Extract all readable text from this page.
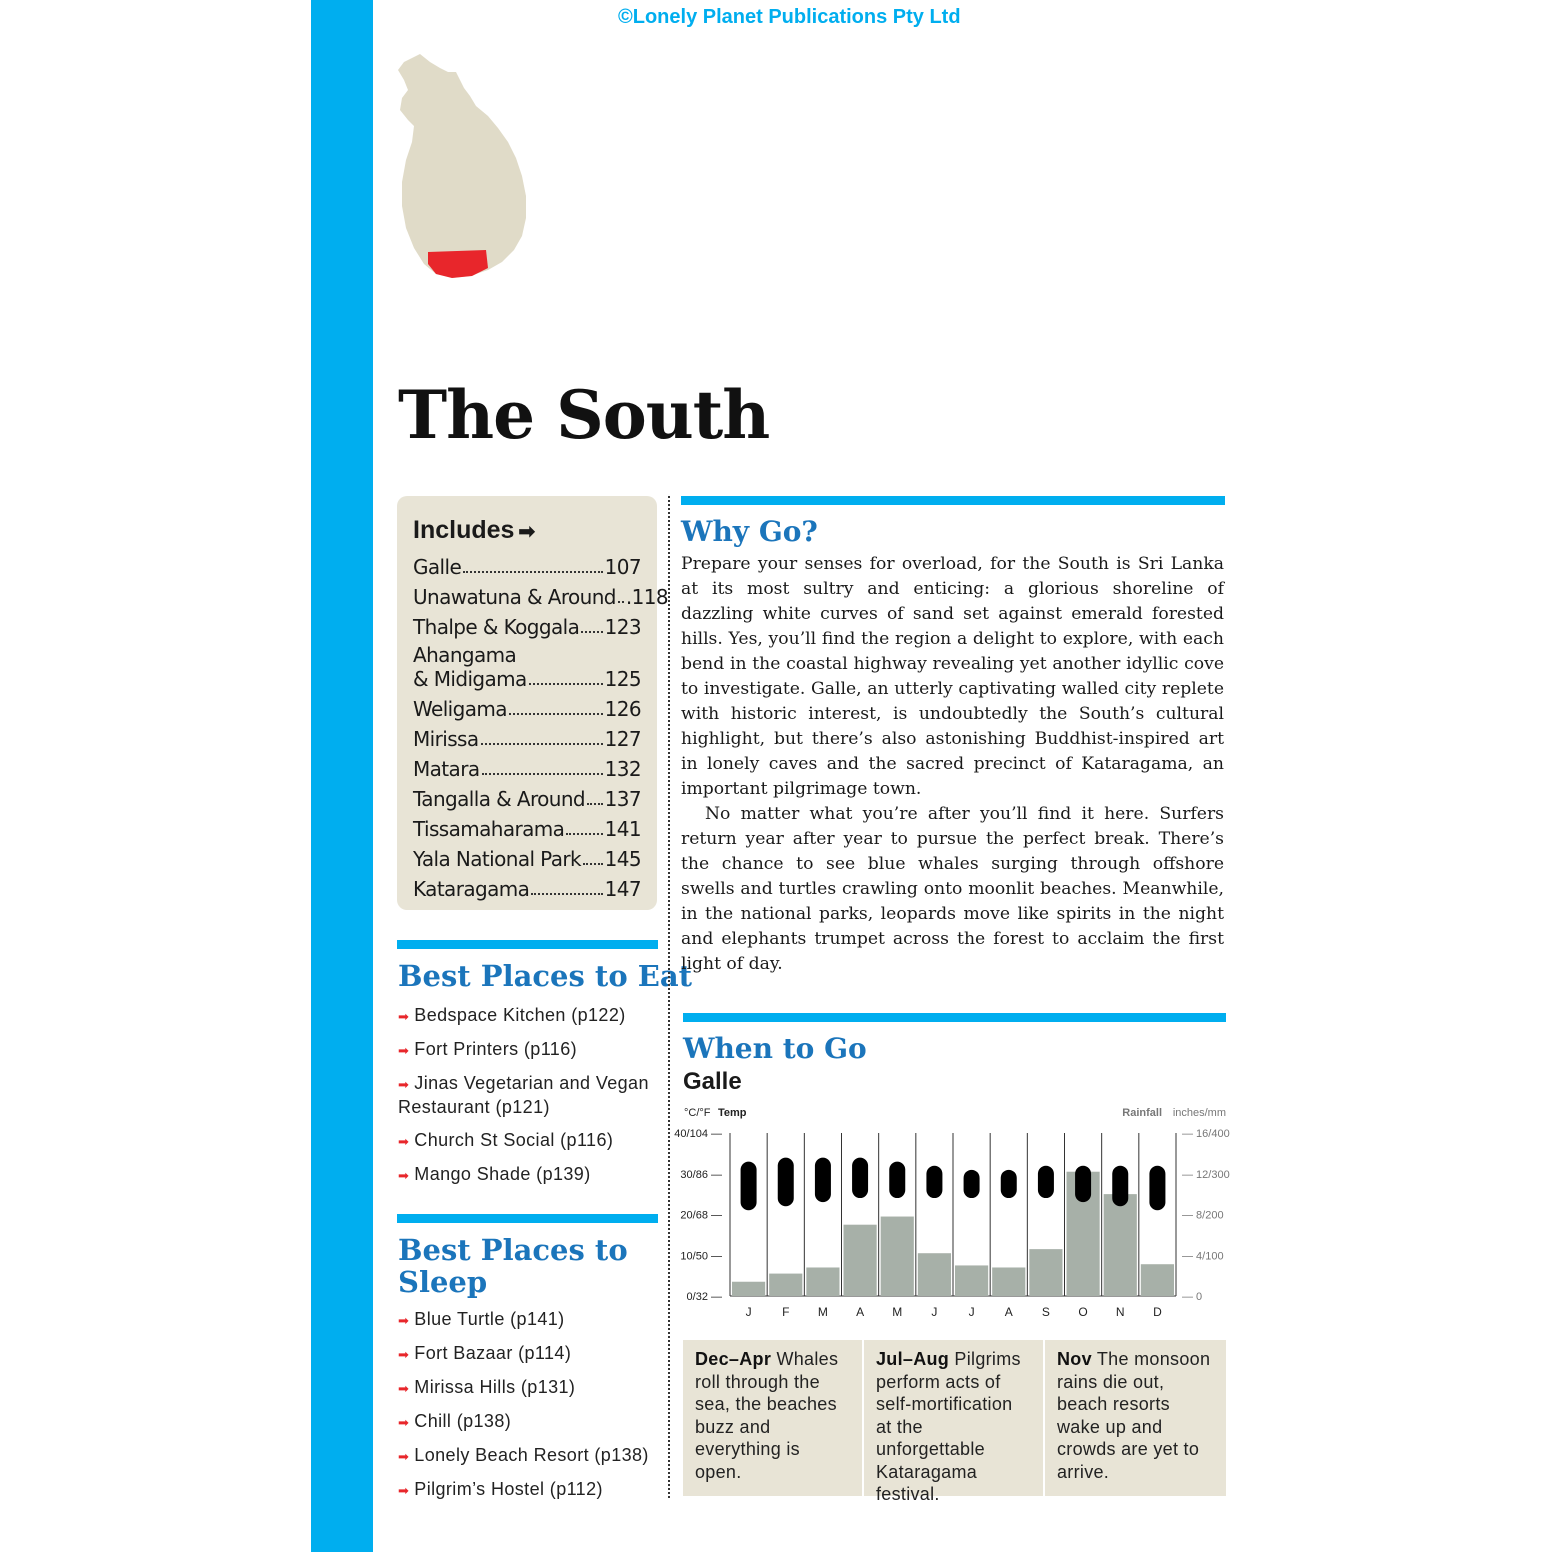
©Lonely Planet Publications Pty Ltd
The South
Includes ➡
Galle	107
Unawatuna & Around .118
Thalpe & Koggala 123
Ahangama
& Midigama	125
Weligama	126
Mirissa	127
Matara	132
Tangalla & Around 137
Tissamaharama 141
Yala National Park 145
Kataragama	147
Best Places to Eat
➡ Bedspace Kitchen (p122)
➡ Fort Printers (p116)
➡ Jinas Vegetarian and Vegan Restaurant (p121)
➡ Church St Social (p116)
➡ Mango Shade (p139)
Best Places to
Sleep
➡ Blue Turtle (p141)
➡ Fort Bazaar (p114)
➡ Mirissa Hills (p131)
➡ Chill (p138)
➡ Lonely Beach Resort (p138)
➡ Pilgrim’s Hostel (p112)
Why Go?

Prepare your senses for overload, for the South is Sri Lanka at its most sultry and enticing: a glorious shoreline of dazzling white curves of sand set against emerald forested hills. Yes, you’ll find the region a delight to explore, with each bend in the coastal highway revealing yet another idyllic cove to investigate. Galle, an utterly captivating walled city replete with historic interest, is undoubtedly the South’s cultural highlight, but there’s also astonishing Buddhist-inspired art in lonely caves and the sacred precinct of Kataragama, an important pilgrimage town.

No matter what you’re after you’ll find it here. Surfers return year after year to pursue the perfect break. There’s the chance to see blue whales surging through offshore swells and turtles crawling onto moonlit beaches. Meanwhile, in the national parks, leopards move like spirits in the night and elephants trumpet across the forest to acclaim the first light of day.

When to Go
Galle
°C/°F Temp	Rainfall inches/mm
0/32 —
10/50 —
20/68 —
30/86 —
40/104 —
— 0
— 4/100
— 8/200
— 12/300
— 16/400
J	F M A M J	J	A S O N D
Dec–Apr Whales roll through the sea, the beaches buzz and everything is open.
Jul–Aug Pilgrims perform acts of self-mortification at the unforgettable Kataragama festival.
Nov The monsoon rains die out, beach resorts wake up and crowds are yet to arrive.
